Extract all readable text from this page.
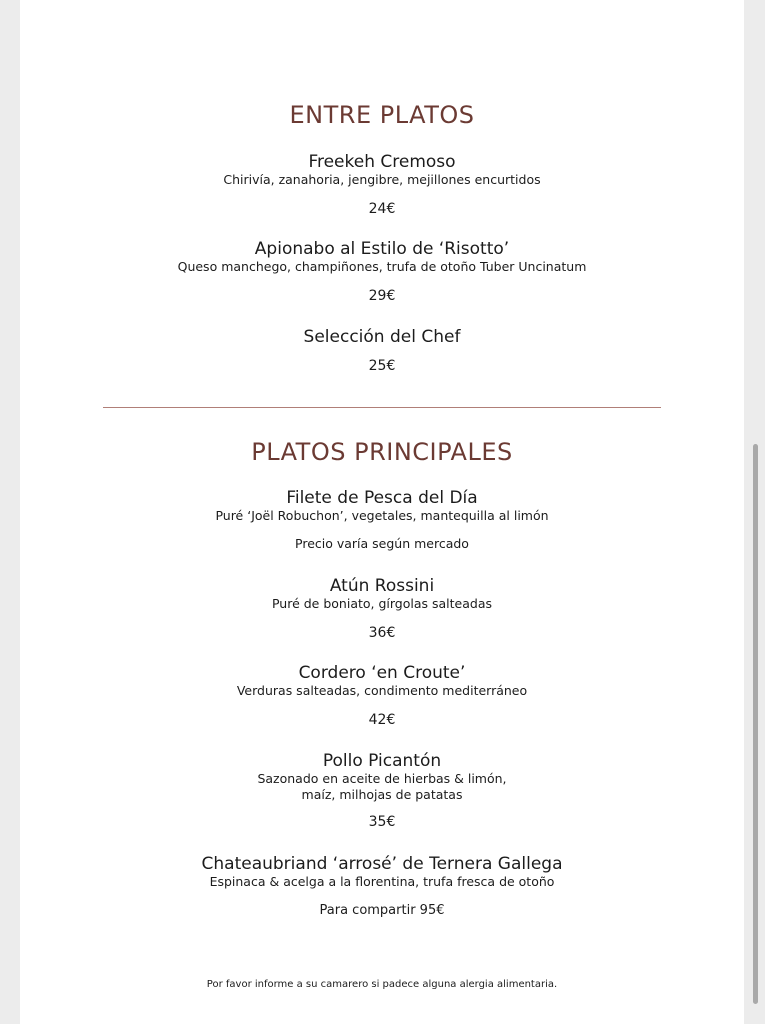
ENTRE PLATOS
Freekeh Cremoso
Chirivía, zanahoria, jengibre, mejillones encurtidos
24€
Apionabo al Estilo de ‘Risotto’
Queso manchego, champiñones, trufa de otoño Tuber Uncinatum
29€
Selección del Chef
25€
PLATOS PRINCIPALES
Filete de Pesca del Día
Puré ‘Joël Robuchon’, vegetales, mantequilla al limón
Precio varía según mercado
Atún Rossini
Puré de boniato, gírgolas salteadas
36€
Cordero ‘en Croute’
Verduras salteadas, condimento mediterráneo
42€
Pollo Picantón
Sazonado en aceite de hierbas & limón,
maíz, milhojas de patatas
35€
Chateaubriand ‘arrosé’ de Ternera Gallega
Espinaca & acelga a la florentina, trufa fresca de otoño
Para compartir 95€
Por favor informe a su camarero si padece alguna alergia alimentaria.
